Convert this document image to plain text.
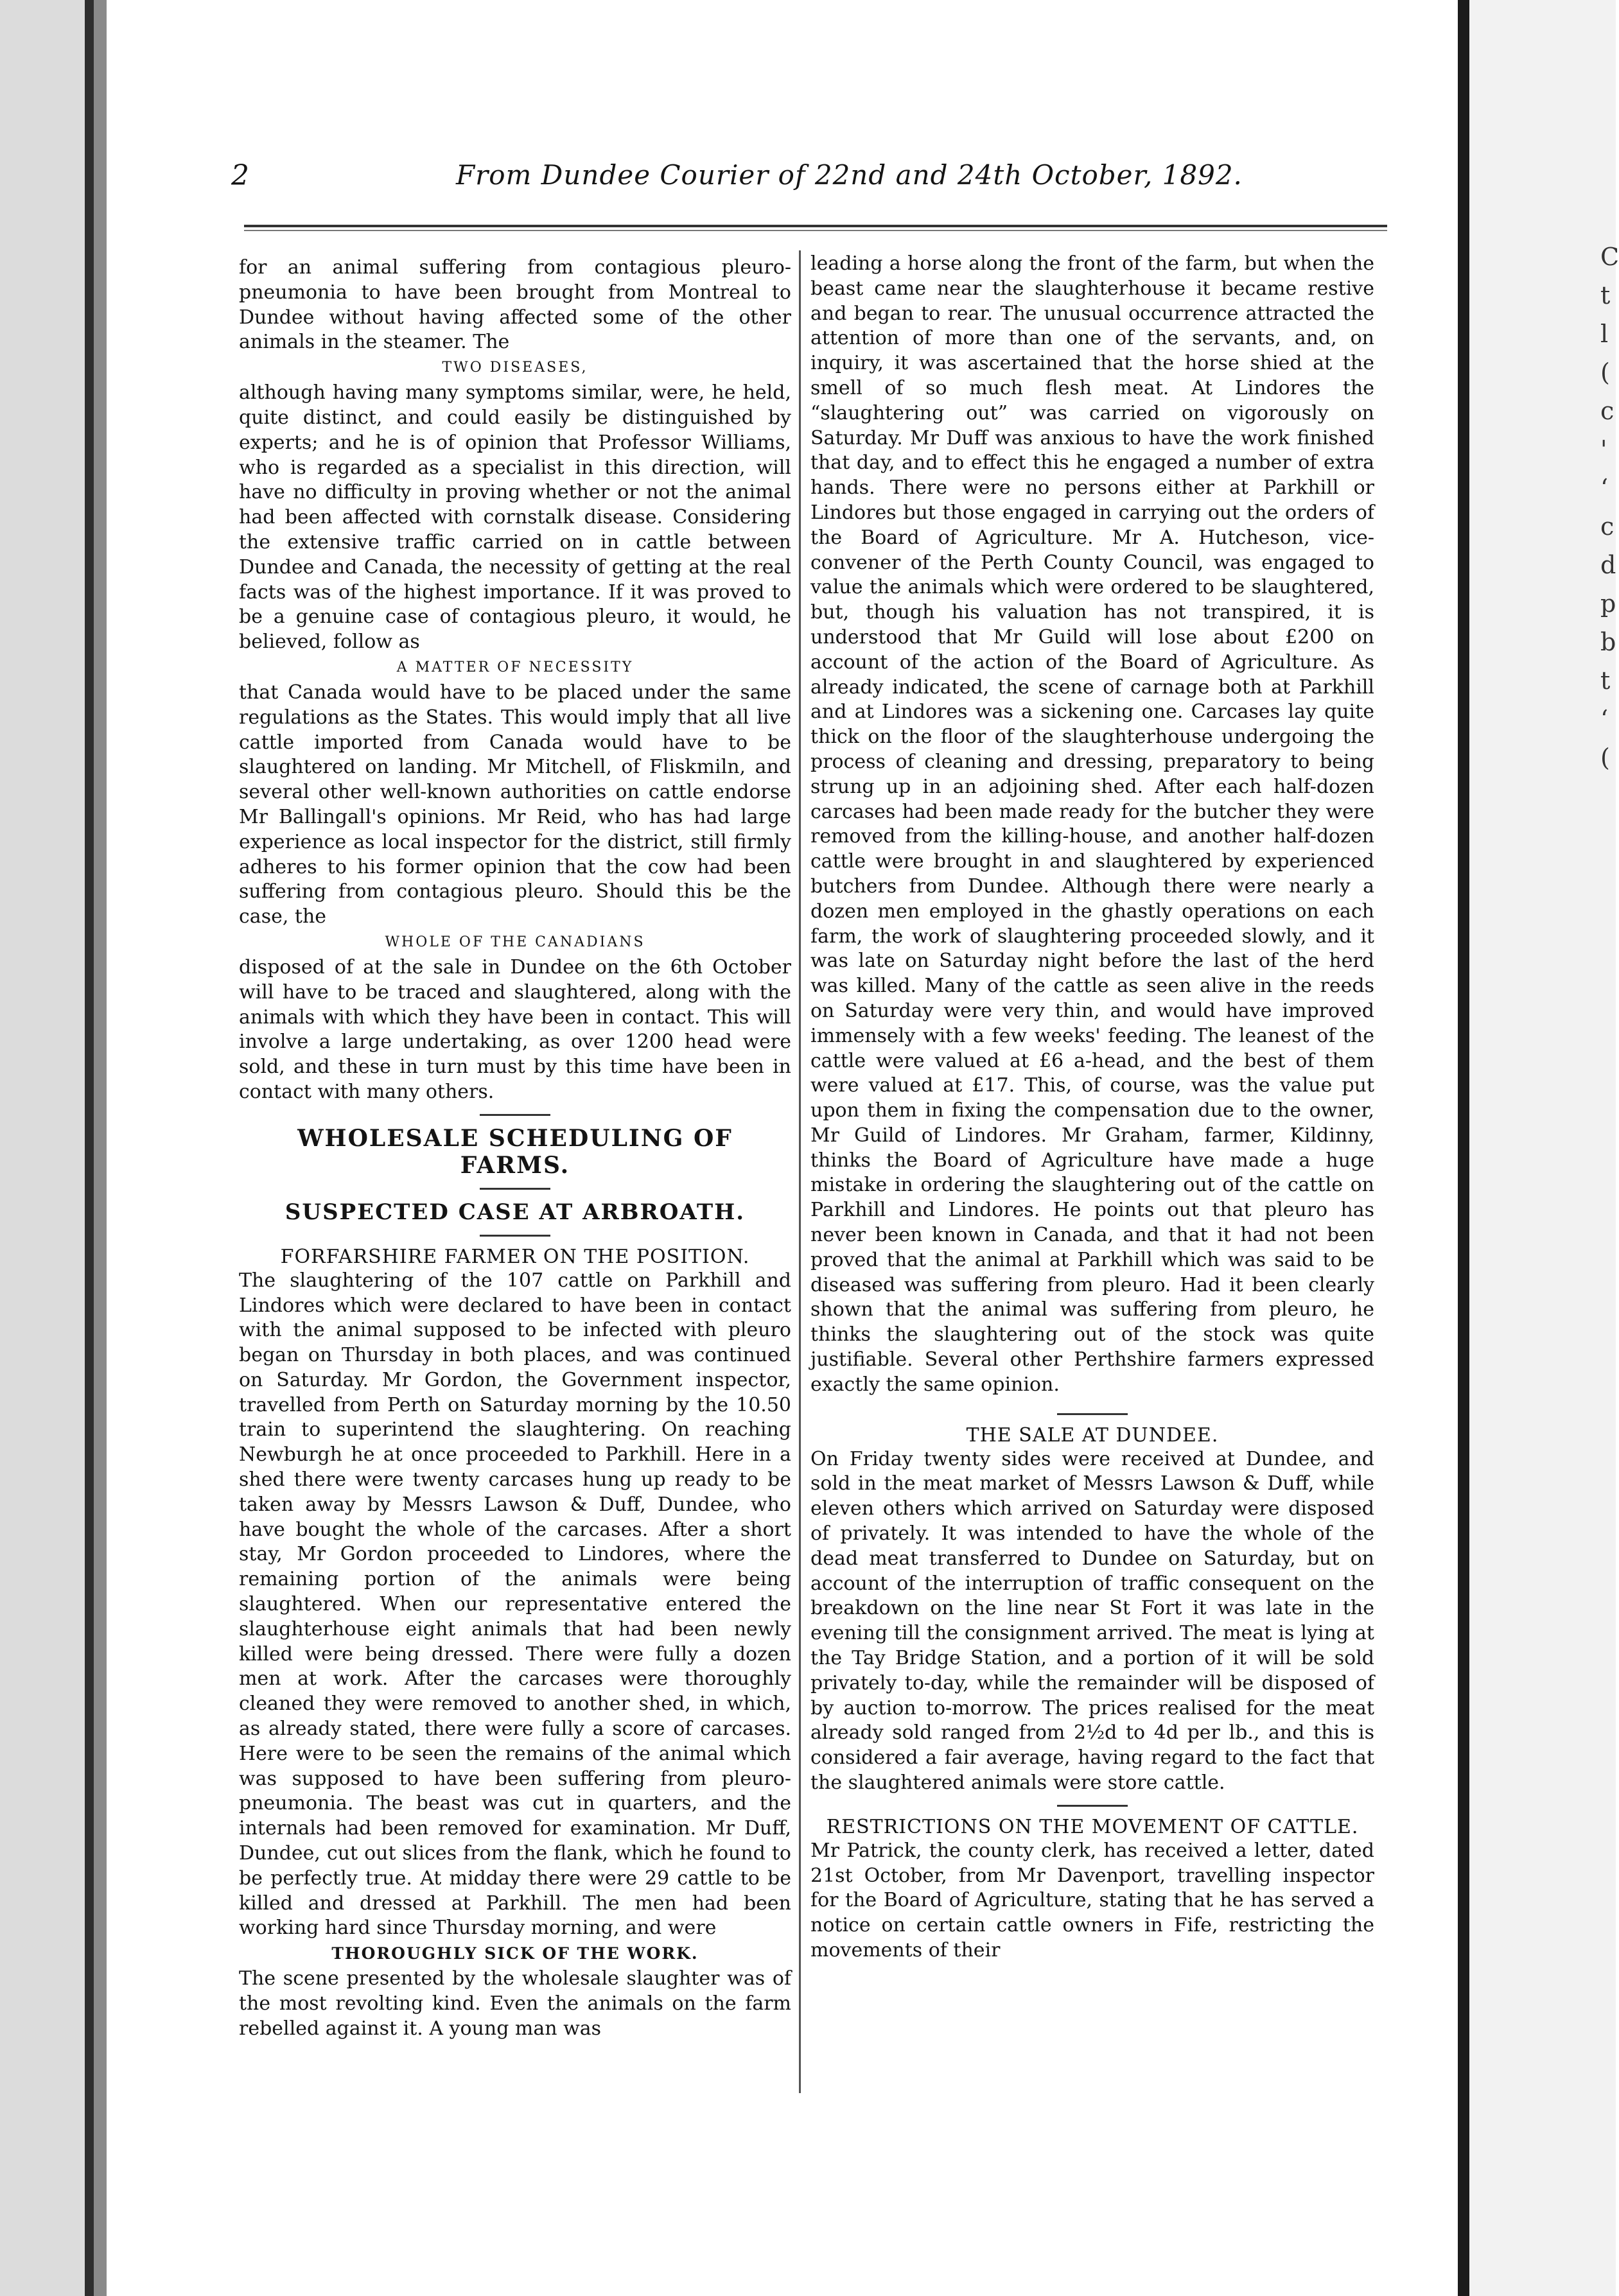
C
t
l
(
c
'
‘
c
d
p
b
t
‘
(
2	From Dundee Courier of 22nd and 24th October, 1892.

for an animal suffering from contagious pleuro-pneumonia to have been brought from Montreal to Dundee without having affected some of the other animals in the steamer. The

TWO DISEASES,

although having many symptoms similar, were, he held, quite distinct, and could easily be distinguished by experts; and he is of opinion that Professor Williams, who is regarded as a specialist in this direction, will have no difficulty in proving whether or not the animal had been affected with cornstalk disease. Considering the extensive traffic carried on in cattle between Dundee and Canada, the necessity of getting at the real facts was of the highest importance. If it was proved to be a genuine case of contagious pleuro, it would, he believed, follow as

A MATTER OF NECESSITY

that Canada would have to be placed under the same regulations as the States. This would imply that all live cattle imported from Canada would have to be slaughtered on landing. Mr Mitchell, of Fliskmiln, and several other well-known authorities on cattle endorse Mr Ballingall's opinions. Mr Reid, who has had large experience as local inspector for the district, still firmly adheres to his former opinion that the cow had been suffering from contagious pleuro. Should this be the case, the

WHOLE OF THE CANADIANS

disposed of at the sale in Dundee on the 6th October will have to be traced and slaughtered, along with the animals with which they have been in contact. This will involve a large undertaking, as over 1200 head were sold, and these in turn must by this time have been in contact with many others.

WHOLESALE SCHEDULING OF FARMS.

SUSPECTED CASE AT ARBROATH.

FORFARSHIRE FARMER ON THE POSITION.

The slaughtering of the 107 cattle on Parkhill and Lindores which were declared to have been in contact with the animal supposed to be infected with pleuro began on Thursday in both places, and was continued on Saturday. Mr Gordon, the Government inspector, travelled from Perth on Saturday morning by the 10.50 train to superintend the slaughtering. On reaching Newburgh he at once proceeded to Parkhill. Here in a shed there were twenty carcases hung up ready to be taken away by Messrs Lawson & Duff, Dundee, who have bought the whole of the carcases. After a short stay, Mr Gordon proceeded to Lindores, where the remaining portion of the animals were being slaughtered. When our representative entered the slaughterhouse eight animals that had been newly killed were being dressed. There were fully a dozen men at work. After the carcases were thoroughly cleaned they were removed to another shed, in which, as already stated, there were fully a score of carcases. Here were to be seen the remains of the animal which was supposed to have been suffering from pleuro-pneumonia. The beast was cut in quarters, and the internals had been removed for examination. Mr Duff, Dundee, cut out slices from the flank, which he found to be perfectly true. At midday there were 29 cattle to be killed and dressed at Parkhill. The men had been working hard since Thursday morning, and were

THOROUGHLY SICK OF THE WORK.

The scene presented by the wholesale slaughter was of the most revolting kind. Even the animals on the farm rebelled against it. A young man was

leading a horse along the front of the farm, but when the beast came near the slaughterhouse it became restive and began to rear. The unusual occurrence attracted the attention of more than one of the servants, and, on inquiry, it was ascertained that the horse shied at the smell of so much flesh meat. At Lindores the “slaughtering out” was carried on vigorously on Saturday. Mr Duff was anxious to have the work finished that day, and to effect this he engaged a number of extra hands. There were no persons either at Parkhill or Lindores but those engaged in carrying out the orders of the Board of Agriculture. Mr A. Hutcheson, vice-convener of the Perth County Council, was engaged to value the animals which were ordered to be slaughtered, but, though his valuation has not transpired, it is understood that Mr Guild will lose about £200 on account of the action of the Board of Agriculture. As already indicated, the scene of carnage both at Parkhill and at Lindores was a sickening one. Carcases lay quite thick on the floor of the slaughterhouse undergoing the process of cleaning and dressing, preparatory to being strung up in an adjoining shed. After each half-dozen carcases had been made ready for the butcher they were removed from the killing-house, and another half-dozen cattle were brought in and slaughtered by experienced butchers from Dundee. Although there were nearly a dozen men employed in the ghastly operations on each farm, the work of slaughtering proceeded slowly, and it was late on Saturday night before the last of the herd was killed. Many of the cattle as seen alive in the reeds on Saturday were very thin, and would have improved immensely with a few weeks' feeding. The leanest of the cattle were valued at £6 a-head, and the best of them were valued at £17. This, of course, was the value put upon them in fixing the compensation due to the owner, Mr Guild of Lindores. Mr Graham, farmer, Kildinny, thinks the Board of Agriculture have made a huge mistake in ordering the slaughtering out of the cattle on Parkhill and Lindores. He points out that pleuro has never been known in Canada, and that it had not been proved that the animal at Parkhill which was said to be diseased was suffering from pleuro. Had it been clearly shown that the animal was suffering from pleuro, he thinks the slaughtering out of the stock was quite justifiable. Several other Perthshire farmers expressed exactly the same opinion.

THE SALE AT DUNDEE.

On Friday twenty sides were received at Dundee, and sold in the meat market of Messrs Lawson & Duff, while eleven others which arrived on Saturday were disposed of privately. It was intended to have the whole of the dead meat transferred to Dundee on Saturday, but on account of the interruption of traffic consequent on the breakdown on the line near St Fort it was late in the evening till the consignment arrived. The meat is lying at the Tay Bridge Station, and a portion of it will be sold privately to-day, while the remainder will be disposed of by auction to-morrow. The prices realised for the meat already sold ranged from 2½d to 4d per lb., and this is considered a fair average, having regard to the fact that the slaughtered animals were store cattle.

RESTRICTIONS ON THE MOVEMENT OF CATTLE.

Mr Patrick, the county clerk, has received a letter, dated 21st October, from Mr Davenport, travelling inspector for the Board of Agriculture, stating that he has served a notice on certain cattle owners in Fife, restricting the movements of their
